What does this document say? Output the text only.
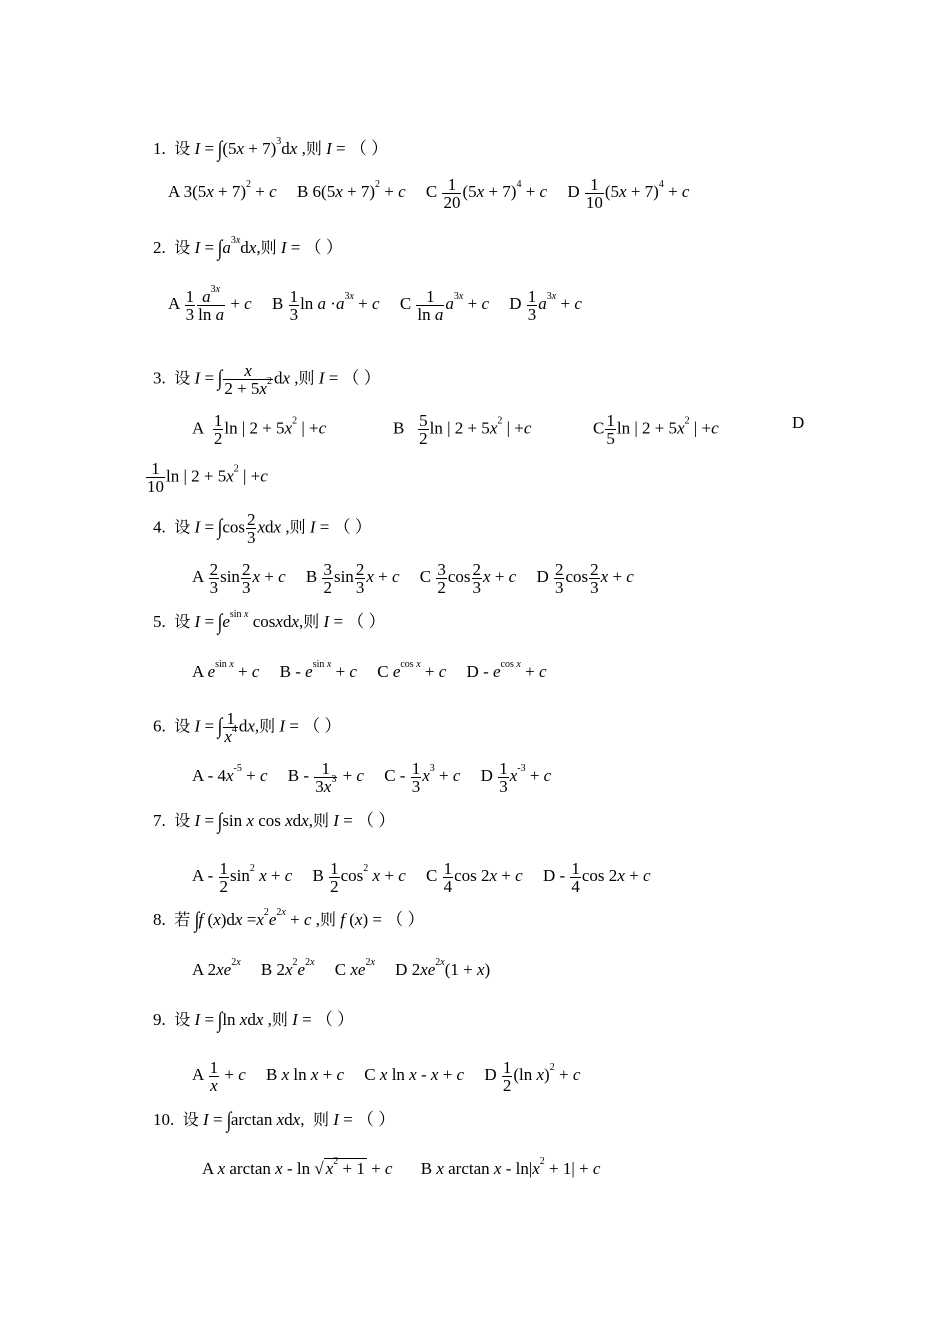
1. 设 $I = \int(5x + 7)^3dx$ ,则 I = （ ）
A $3(5x + 7)^2 + c$ B $6(5x + 7)^2 + c$ C $\frac{1}{20} (5x + 7)^4 + c$ D $\frac{1}{10} (5x + 7)^4 + c$
2.  设 $I = \int a^{3x}dx$,则 I = （ ）
A $\frac{1}{3} \frac{a^{3x}}{\text{ln a}} + c$ B $\frac{1}{3}$ $\ln a \cdot a^{3x} + c$ C $\frac{1}{\text{ln a}} a^{3x} + c$ D $\frac{1}{3} a^{3x} + c$
3.  设 I = ∫ $\frac{x}{2 + 5x^2}$ dx ,则 I = （ ）
A $\frac{1}{2}$ ln | $2 + 5x^2$ | +c	B $\frac{5}{2}$ ln | $2 + 5x^2$ | +c	C $\frac{1}{5}$ ln | $2 + 5x^2$ | +c	D
$\frac{1}{10}$ ln | $2 + 5x^2$ | +c
4.  设 $I = \int\cos \frac{2}{3}$ xdx ,则 I = （ ）
A $\frac{2}{3}$ $\sin \frac{2}{3}$ x + c B $\frac{3}{2}$ $\sin \frac{2}{3}$ x + c C $\frac{3}{2}$ $\cos \frac{2}{3}$ x + c D $\frac{2}{3}$ $\cos \frac{2}{3}$ x + c
5.  设 $I = \int e^{sin x}$ cosxdx,则 I = （ ）
A $e^{sin x} + c$ $B - e^{sin x} + c$ C $e^{cos x} + c$ $D - e^{cos x} + c$
6.  设 I = ∫ $\frac{1}{x^4}$ dx,则 I = （ ）
$A - 4x^{-5} + c$ $B - \frac{1}{3x^3} + c$ $C - \frac{1}{3} x^3 + c$ D $\frac{1}{3} x^{-3} + c$
7.  设 I = ∫sin x cos xdx,则 I = （ ）
$A - \frac{1}{2} \sin^2 x + c$ B $\frac{1}{2} \cos^2 x + c$ C $\frac{1}{4}$ cos 2x + c D - $\frac{1}{4}$ cos 2x + c
8.  若 ∫f $(x)dx =x^2e^{2x} + c$ ,则 f (x) = （ ）
A $2xe^{2x}$ B $2x^2e^{2x}$ C $xe^{2x}$ D $2xe^{2x}(1 + x)$
9.  设 I = ∫ln xdx ,则 I = （ ）
A $\frac{1}{x} + c$ B x ln x + c C x ln x - x + c D $\frac{1}{2} (\ln$ x)$^2$ + c
10.  设 I = ∫arctan xdx,  则 I = （ ）
A x arctan x - ln √ $x^2 + 1 + c$ B x $\arctan x - \ln|x^2 + 1| + c$
